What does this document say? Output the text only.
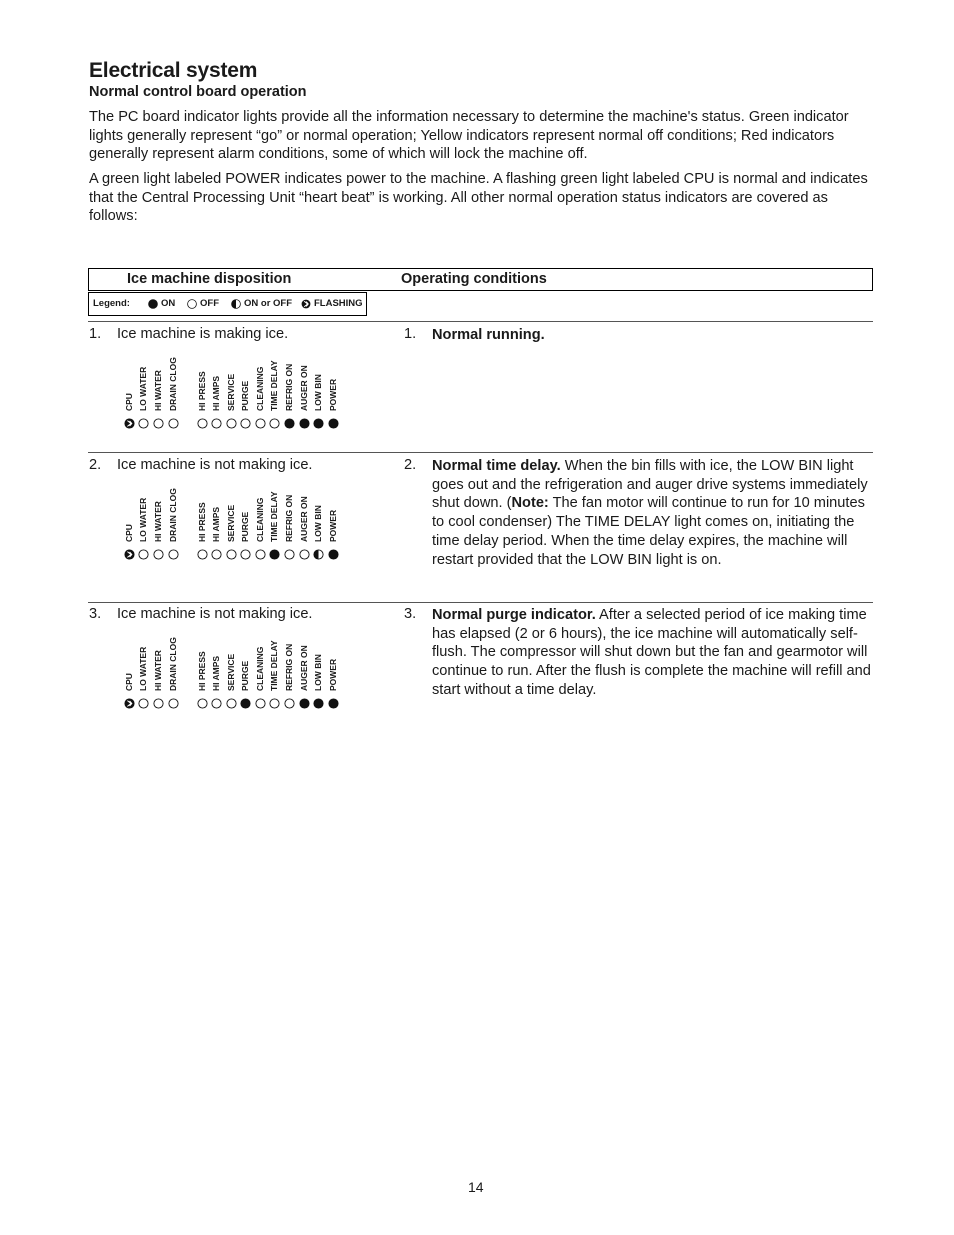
Electrical system

Normal control board operation

The PC board indicator lights provide all the information necessary to determine the machine's status. Green indicator lights generally represent “go” or normal operation; Yellow indicators represent normal off conditions; Red indicators generally represent alarm conditions, some of which will lock the machine off.

A green light labeled POWER indicates power to the machine. A flashing green light labeled CPU is normal and indicates that the Central Processing Unit “heart beat” is working. All other normal operation status indicators are covered as follows:

Ice machine disposition	Operating conditions
Legend:	ON	OFF	ON or OFF FLASHING
1. Ice machine is making ice.	1. Normal running.

CPU LO WATER HI WATER DRAIN CLOG HI PRESS HI AMPS SERVICE PURGE CLEANING TIME DELAY REFRIG ON AUGER ON LOW BIN POWER
2. Ice machine is not making ice.	2. Normal time delay. When the bin fills with ice, the LOW BIN light goes out and the refrigeration and auger drive systems immediately shut down. (Note: The fan motor will continue to run for 10 minutes to cool condenser) The TIME DELAY light comes on, initiating the time delay period. When the time delay expires, the machine will restart provided that the LOW BIN light is on.

CPU LO WATER HI WATER DRAIN CLOG HI PRESS HI AMPS SERVICE PURGE CLEANING TIME DELAY REFRIG ON AUGER ON LOW BIN POWER
3. Ice machine is not making ice.	3. Normal purge indicator. After a selected period of ice making time has elapsed (2 or 6 hours), the ice machine will automatically self-flush. The compressor will shut down but the fan and gearmotor will continue to run. After the flush is complete the machine will refill and start without a time delay.

CPU LO WATER HI WATER DRAIN CLOG HI PRESS HI AMPS SERVICE PURGE CLEANING TIME DELAY REFRIG ON AUGER ON LOW BIN POWER
14
